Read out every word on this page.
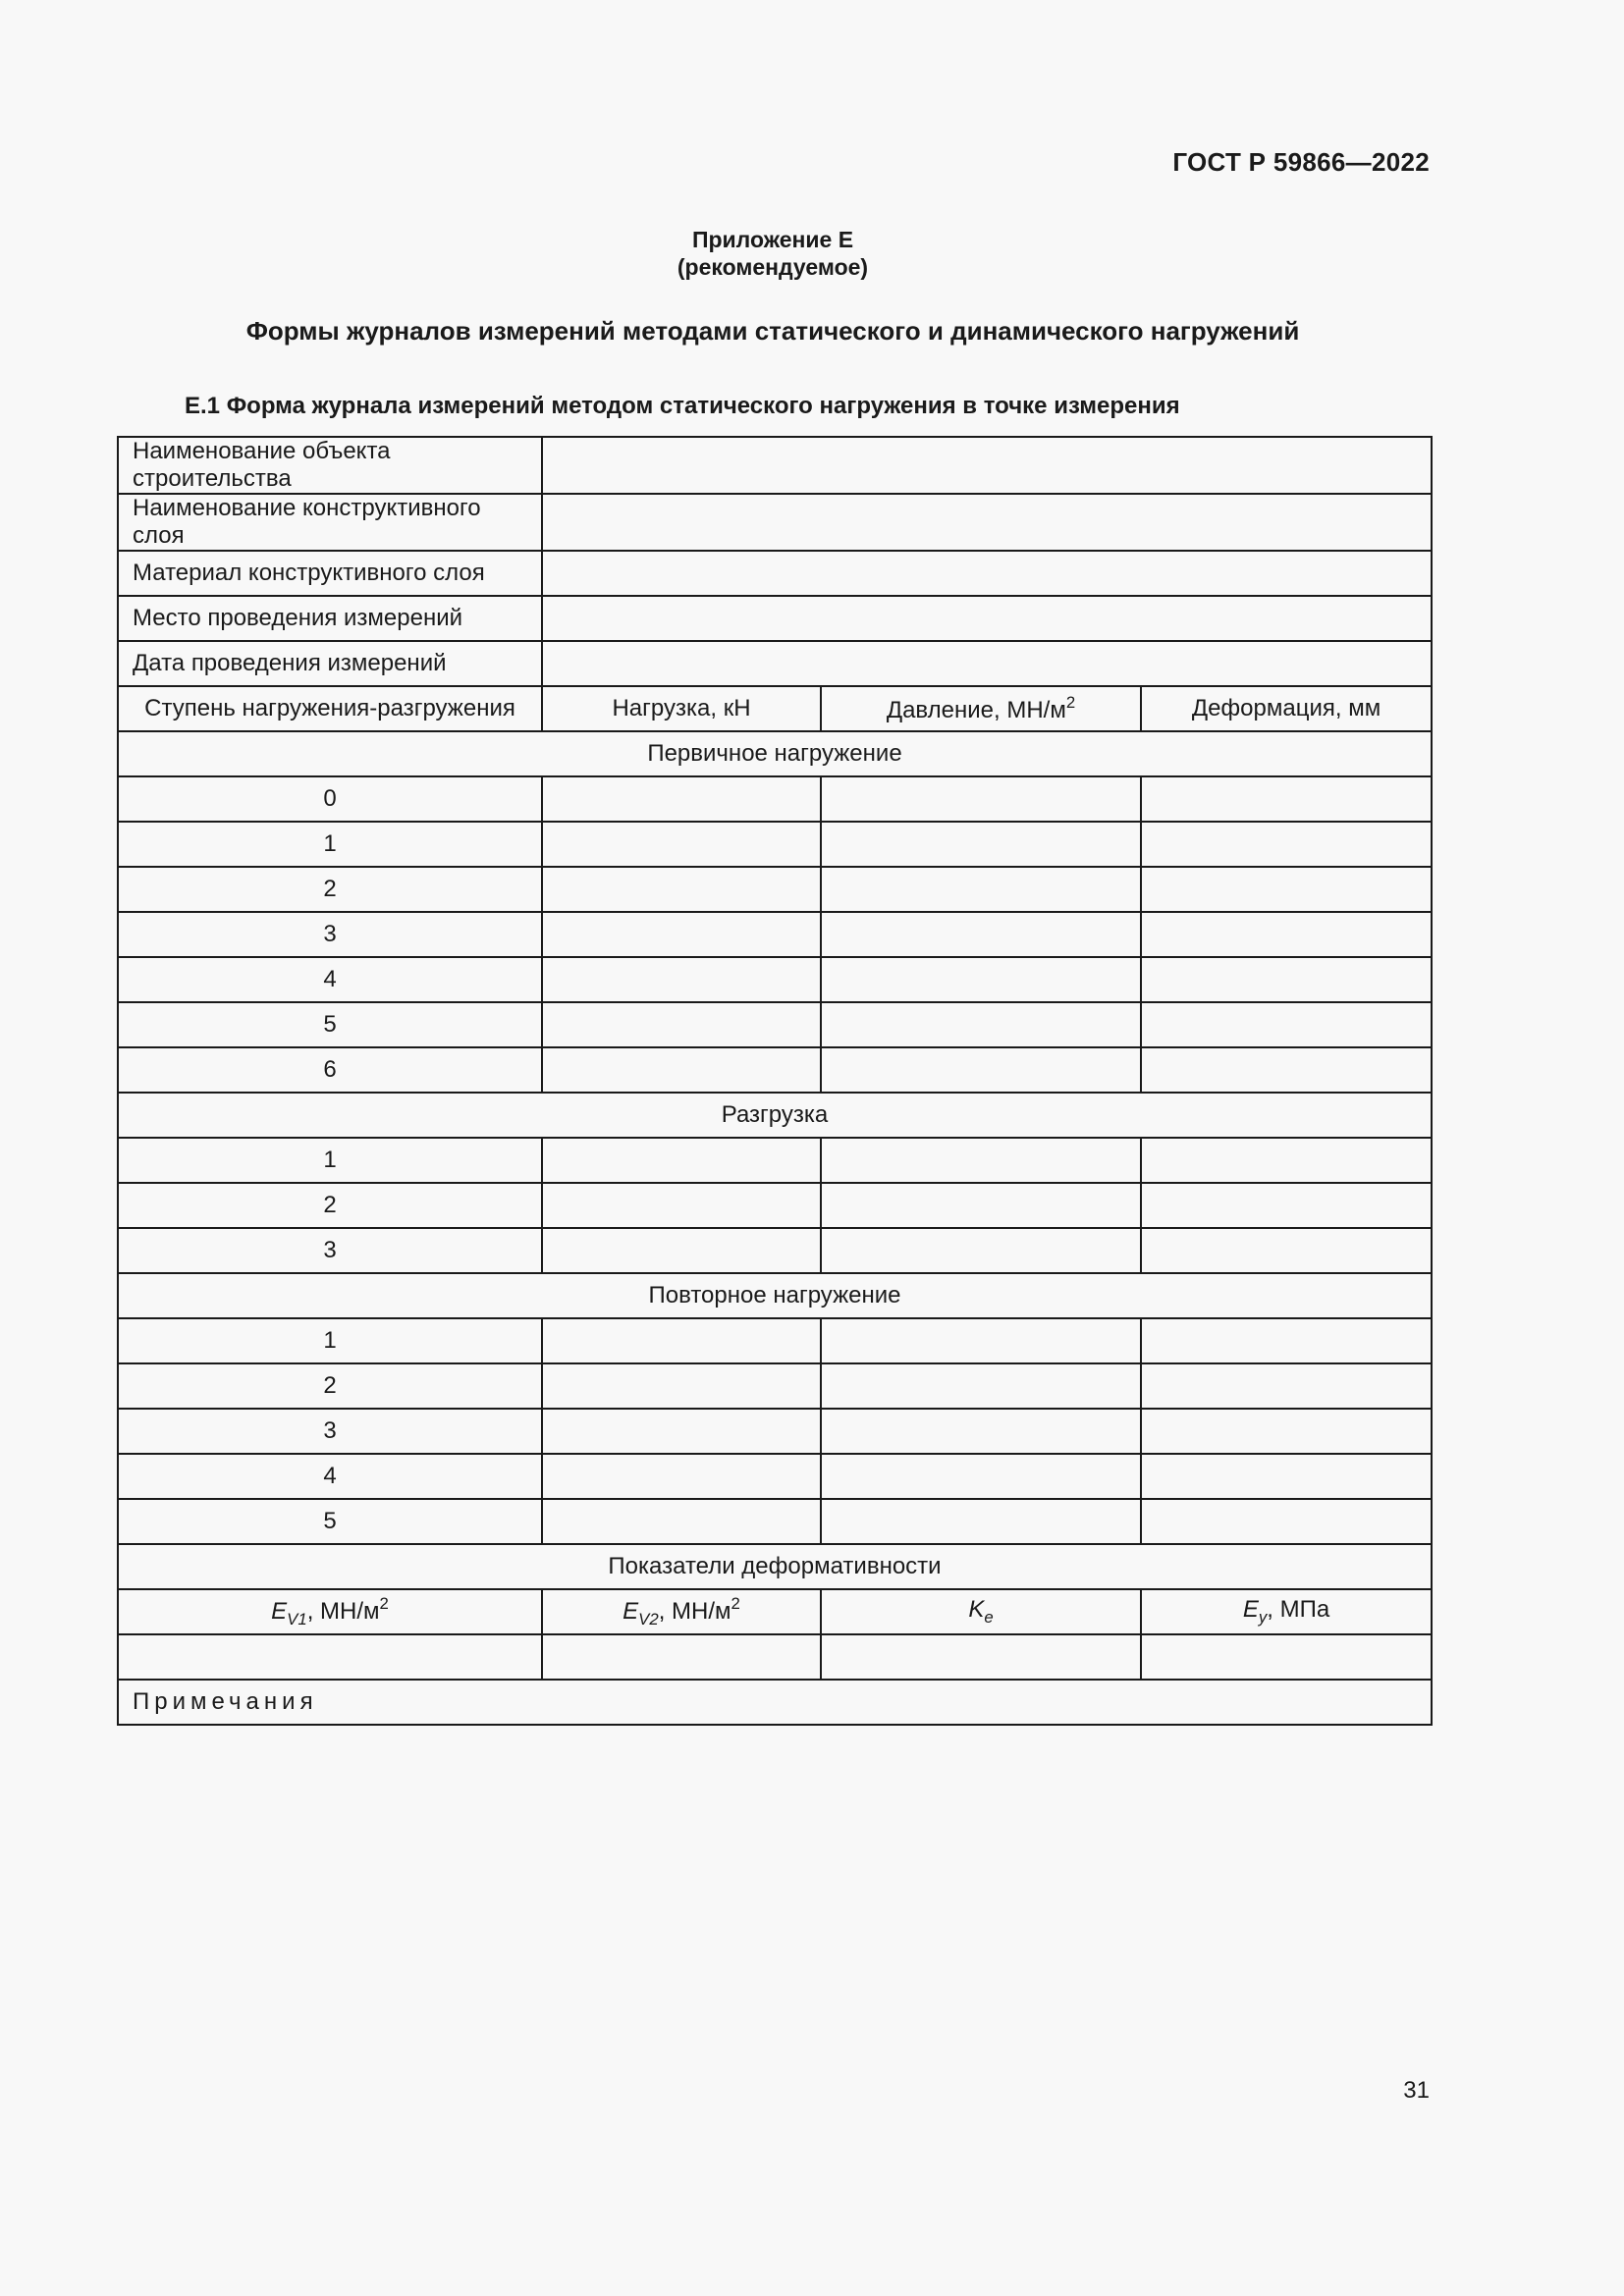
ГОСТ Р 59866—2022
Приложение Е
(рекомендуемое)
Формы журналов измерений методами статического и динамического нагружений
Е.1 Форма журнала измерений методом статического нагружения в точке измерения
Наименование объекта строительства			
Наименование конструктивного слоя			
Материал конструктивного слоя			
Место проведения измерений			
Дата проведения измерений			
Ступень нагружения-разгружения	Нагрузка, кН	Давление, $МН/м^2$	Деформация, мм
Первичное нагружение			
0			
1			
2			
3			
4			
5			
6			
Разгрузка			
1			
2			
3			
Повторное нагружение			
1			
2			
3			
4			
5			
Показатели деформативности			
$E_{V1}$, $МН/м^2$	$E_{V2}$, $МН/м^2$	$K_e$	$E_y$, МПа

Примечания			
31
